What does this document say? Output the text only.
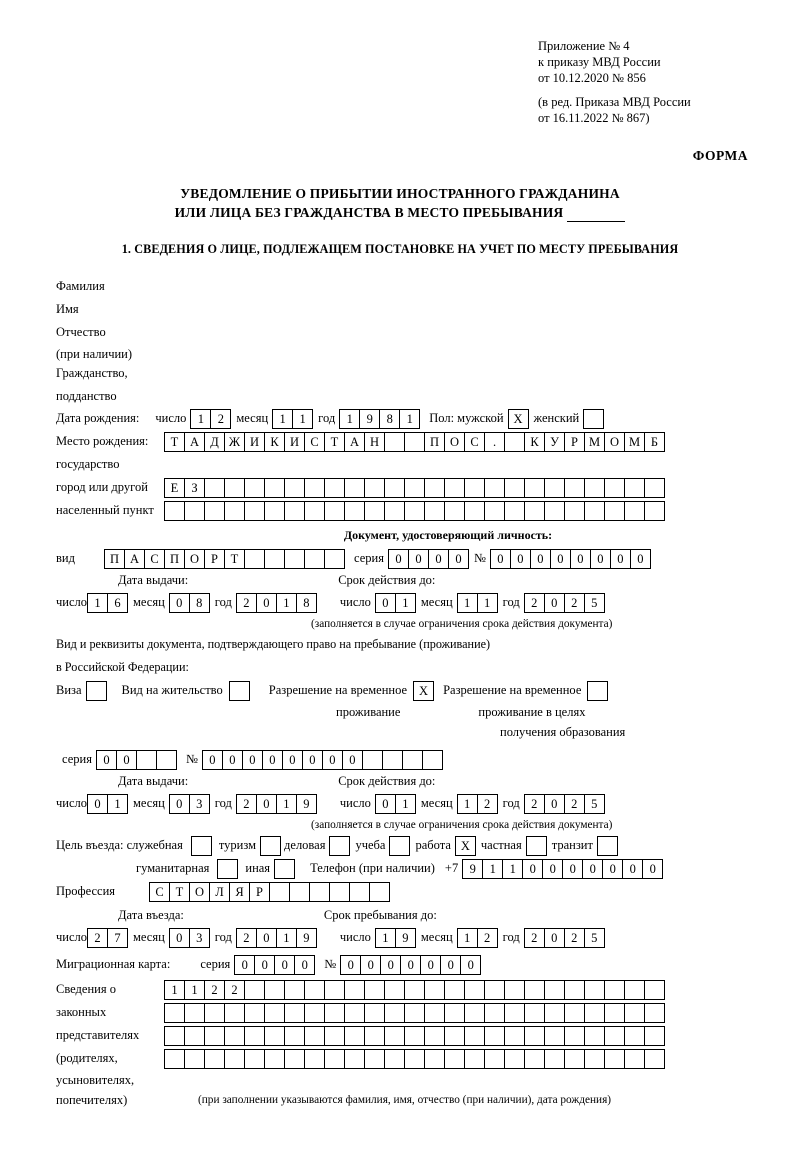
Приложение № 4
к приказу МВД России
от 10.12.2020 № 856
(в ред. Приказа МВД России
от 16.11.2022 № 867)
ФОРМА
УВЕДОМЛЕНИЕ О ПРИБЫТИИ ИНОСТРАННОГО ГРАЖДАНИНА
ИЛИ ЛИЦА БЕЗ ГРАЖДАНСТВА В МЕСТО ПРЕБЫВАНИЯ
1. СВЕДЕНИЯ О ЛИЦЕ, ПОДЛЕЖАЩЕМ ПОСТАНОВКЕ НА УЧЕТ ПО МЕСТУ ПРЕБЫВАНИЯ
Фамилия
Имя
Отчество
(при наличии)
Гражданство,
подданство
Дата рождения: число 1	2 месяц 1	1 год 1	9	8	1	Пол: мужской Х женский
Место рождения:	Т А Д Ж И К И С Т А Н	П О С	.	К У Р М О М Б
государство
город или другой	Е	З
населенный пункт
Документ, удостоверяющий личность:
вид	П А С П О Р	Т	серия 0	0	0	0 № 0	0	0	0	0	0	0	0
Дата выдачи:	Срок действия до:
число 1	6 месяц 0	8 год 2	0	1	8	число 0	1 месяц 1	1 год 2	0	2	5
(заполняется в случае ограничения срока действия документа)
Вид и реквизиты документа, подтверждающего право на пребывание (проживание)
в Российской Федерации:
Виза	Вид на жительство	Разрешение на временное Х	Разрешение на временное
проживание	проживание в целях
получения образования
серия 0	0	№ 0	0	0	0	0	0	0	0
Дата выдачи:	Срок действия до:
число 0	1 месяц 0	3 год 2	0	1	9	число 0	1 месяц 1	2 год 2	0	2	5
(заполняется в случае ограничения срока действия документа)
Цель въезда: служебная	туризм деловая учеба работа Х частная транзит
гуманитарная	иная	Телефон (при наличии) +7 9	1	1	0	0	0	0	0	0	0
Профессия	С Т О Л Я Р
Дата въезда:	Срок пребывания до:
число 2	7 месяц 0	3 год 2	0	1	9	число 1	9 месяц 1	2 год 2	0	2	5
Миграционная карта: серия 0	0	0	0	№ 0	0	0	0	0	0	0
Сведения о	1	1	2	2
законных
представителях
(родителях,
усыновителях,
попечителях)	(при заполнении указываются фамилия, имя, отчество (при наличии), дата рождения)
